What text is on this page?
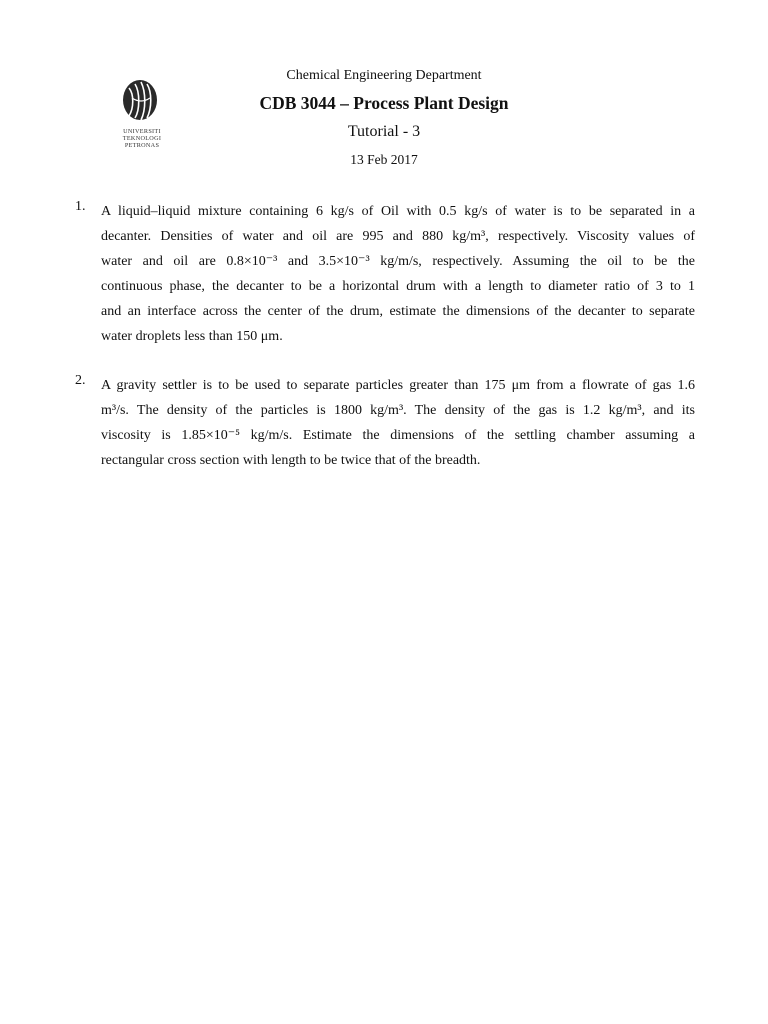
UNIVERSITI
TEKNOLOGI
PETRONAS
Chemical Engineering Department
CDB 3044 – Process Plant Design
Tutorial - 3
13 Feb 2017
1. A liquid–liquid mixture containing 6 kg/s of Oil with 0.5 kg/s of water is to be separated in a
decanter. Densities of water and oil are 995 and 880 kg/m³, respectively. Viscosity values of
water and oil are 0.8×10⁻³ and 3.5×10⁻³ kg/m/s, respectively. Assuming the oil to be the
continuous phase, the decanter to be a horizontal drum with a length to diameter ratio of 3 to 1
and an interface across the center of the drum, estimate the dimensions of the decanter to separate
water droplets less than 150 μm.
2. A gravity settler is to be used to separate particles greater than 175 μm from a flowrate of gas 1.6
m³/s. The density of the particles is 1800 kg/m³. The density of the gas is 1.2 kg/m³, and its
viscosity is 1.85×10⁻⁵ kg/m/s. Estimate the dimensions of the settling chamber assuming a
rectangular cross section with length to be twice that of the breadth.
